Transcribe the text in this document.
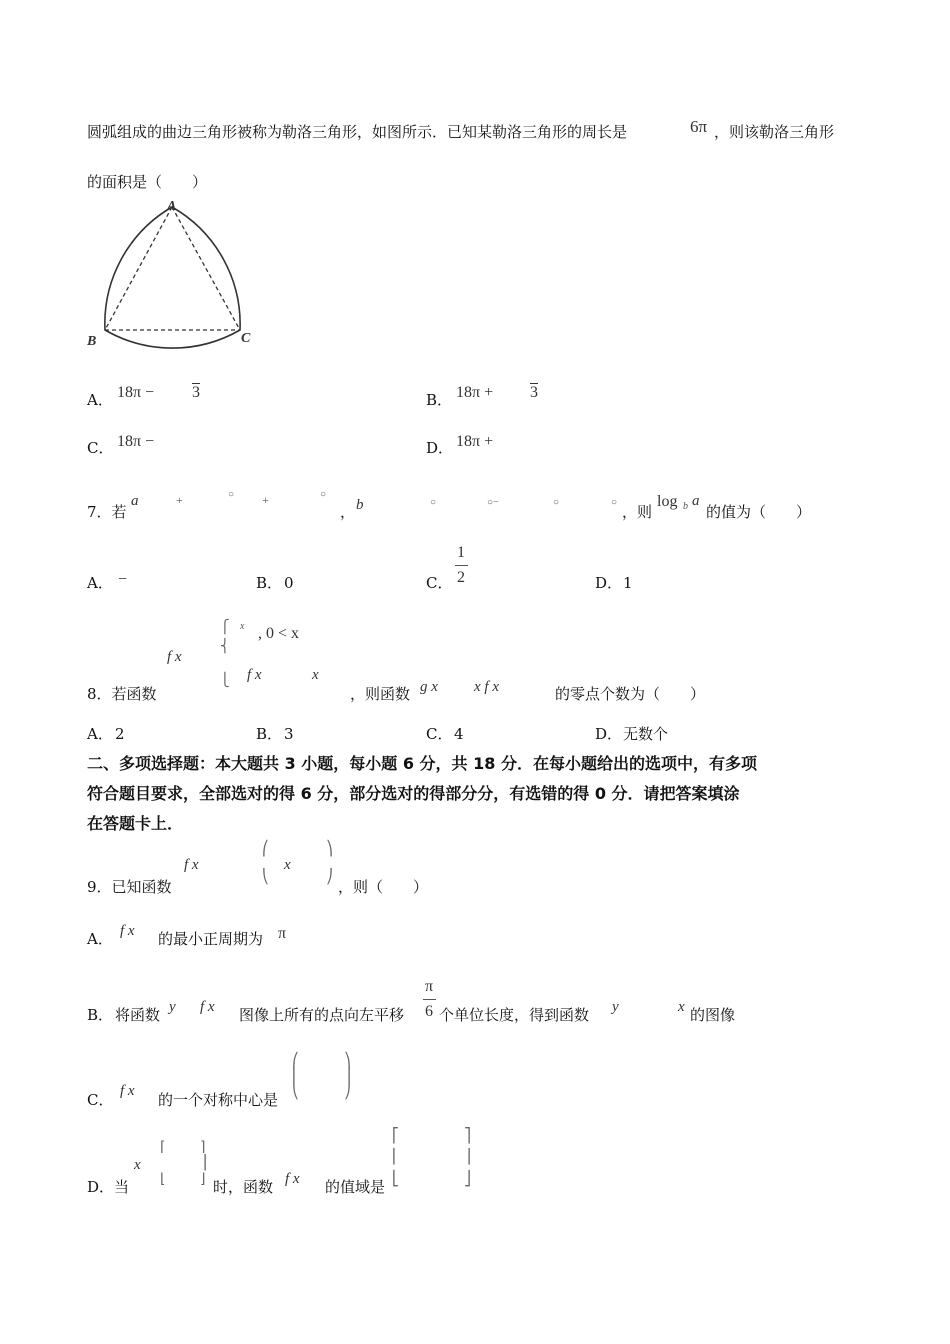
圆弧组成的曲边三角形被称为勒洛三角形，如图所示．已知某勒洛三角形的周长是	6π ，则该勒洛三角形
的面积是（　　）
A
B	C
A． 18π − 3	B． 18π + 3
C． 18π −	D． 18π +
7．若
a	+	○ +	○
， b	○	○−	○	○
，则
log b a
的值为（　　）
A． −	B． 0	C．
1
2	D． 1
f x
⎧
⎨
⎩
x , 0 < x
f x	x
8．若函数	，则函数 g x x f x	的零点个数为（　　）
A． 2	B． 3	C． 4	D． 无数个
二、多项选择题：本大题共 3 小题，每小题 6 分，共 18 分．在每小题给出的选项中，有多项
符合题目要求，全部选对的得 6 分，部分选对的得部分分，有选错的得 0 分．请把答案填涂
在答题卡上．
f x
⎛
⎝
x
⎞
⎠
9．已知函数	，则（　　）
A． f x 的最小正周期为 π
B． 将函数 y f x 图像上所有的点向左平移
π
6 个单位长度，得到函数 y	x 的图像
C． f x 的一个对称中心是
⎛
⎜
⎝
⎞
⎟
⎠
D．当
x
⌈
⌊
⌉
⎥
⌋ 时，函数 f x 的值域是
⎡
⎢
⎣
⎤
⎥
⎦
